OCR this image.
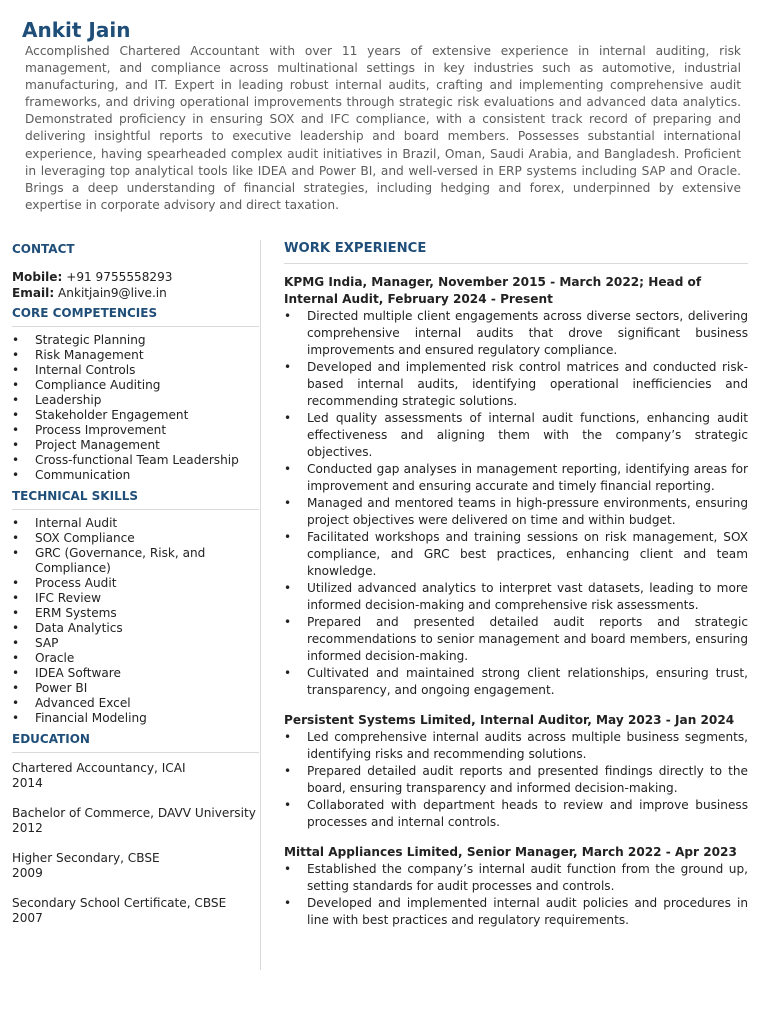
Ankit Jain

Accomplished Chartered Accountant with over 11 years of extensive experience in internal auditing, risk management, and compliance across multinational settings in key industries such as automotive, industrial manufacturing, and IT. Expert in leading robust internal audits, crafting and implementing comprehensive audit frameworks, and driving operational improvements through strategic risk evaluations and advanced data analytics. Demonstrated proficiency in ensuring SOX and IFC compliance, with a consistent track record of preparing and delivering insightful reports to executive leadership and board members. Possesses substantial international experience, having spearheaded complex audit initiatives in Brazil, Oman, Saudi Arabia, and Bangladesh. Proficient in leveraging top analytical tools like IDEA and Power BI, and well-versed in ERP systems including SAP and Oracle. Brings a deep understanding of financial strategies, including hedging and forex, underpinned by extensive expertise in corporate advisory and direct taxation.

CONTACT

Mobile: +91 9755558293

Email: Ankitjain9@live.in

CORE COMPETENCIES
• Strategic Planning
• Risk Management
• Internal Controls
• Compliance Auditing
• Leadership
• Stakeholder Engagement
• Process Improvement
• Project Management
• Cross-functional Team Leadership
• Communication
TECHNICAL SKILLS
• Internal Audit
• SOX Compliance
• GRC (Governance, Risk, and Compliance)
• Process Audit
• IFC Review
• ERM Systems
• Data Analytics
• SAP
• Oracle
• IDEA Software
• Power BI
• Advanced Excel
• Financial Modeling
EDUCATION
Chartered Accountancy, ICAI
2014
Bachelor of Commerce, DAVV University
2012
Higher Secondary, CBSE
2009
Secondary School Certificate, CBSE
2007
WORK EXPERIENCE

KPMG India, Manager, November 2015 - March 2022; Head of Internal Audit, February 2024 - Present

• Directed multiple client engagements across diverse sectors, delivering comprehensive internal audits that drove significant business improvements and ensured regulatory compliance.
• Developed and implemented risk control matrices and conducted risk-based internal audits, identifying operational inefficiencies and recommending strategic solutions.
• Led quality assessments of internal audit functions, enhancing audit effectiveness and aligning them with the company’s strategic objectives.
• Conducted gap analyses in management reporting, identifying areas for improvement and ensuring accurate and timely financial reporting.
• Managed and mentored teams in high-pressure environments, ensuring project objectives were delivered on time and within budget.
• Facilitated workshops and training sessions on risk management, SOX compliance, and GRC best practices, enhancing client and team knowledge.
• Utilized advanced analytics to interpret vast datasets, leading to more informed decision-making and comprehensive risk assessments.
• Prepared and presented detailed audit reports and strategic recommendations to senior management and board members, ensuring informed decision-making.
• Cultivated and maintained strong client relationships, ensuring trust, transparency, and ongoing engagement.

Persistent Systems Limited, Internal Auditor, May 2023 - Jan 2024

• Led comprehensive internal audits across multiple business segments, identifying risks and recommending solutions.
• Prepared detailed audit reports and presented findings directly to the board, ensuring transparency and informed decision-making.
• Collaborated with department heads to review and improve business processes and internal controls.

Mittal Appliances Limited, Senior Manager, March 2022 - Apr 2023

• Established the company’s internal audit function from the ground up, setting standards for audit processes and controls.
• Developed and implemented internal audit policies and procedures in line with best practices and regulatory requirements.
